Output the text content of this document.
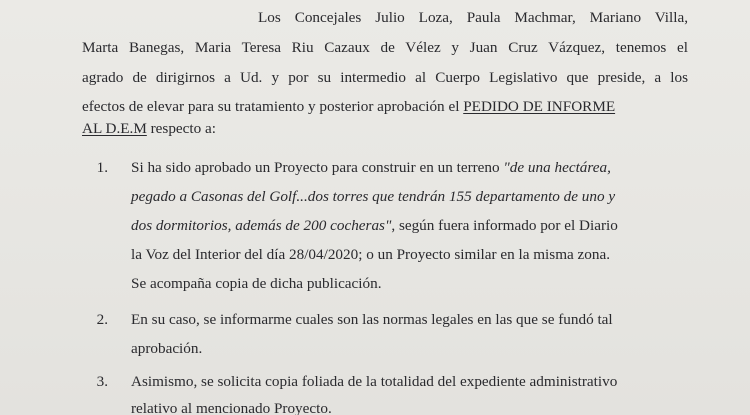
Los Concejales Julio Loza, Paula Machmar, Mariano Villa,
Marta Banegas, Maria Teresa Riu Cazaux de Vélez y Juan Cruz Vázquez, tenemos el
agrado de dirigirnos a Ud. y por su intermedio al Cuerpo Legislativo que preside, a los
efectos de elevar para su tratamiento y posterior aprobación el PEDIDO DE INFORME
AL D.E.M respecto a:
1. Si ha sido aprobado un Proyecto para construir en un terreno "de una hectárea,
pegado a Casonas del Golf...dos torres que tendrán 155 departamento de uno y
dos dormitorios, además de 200 cocheras", según fuera informado por el Diario
la Voz del Interior del día 28/04/2020; o un Proyecto similar en la misma zona.
Se acompaña copia de dicha publicación.
2. En su caso, se informarme cuales son las normas legales en las que se fundó tal
aprobación.
3. Asimismo, se solicita copia foliada de la totalidad del expediente administrativo
relativo al mencionado Proyecto.
